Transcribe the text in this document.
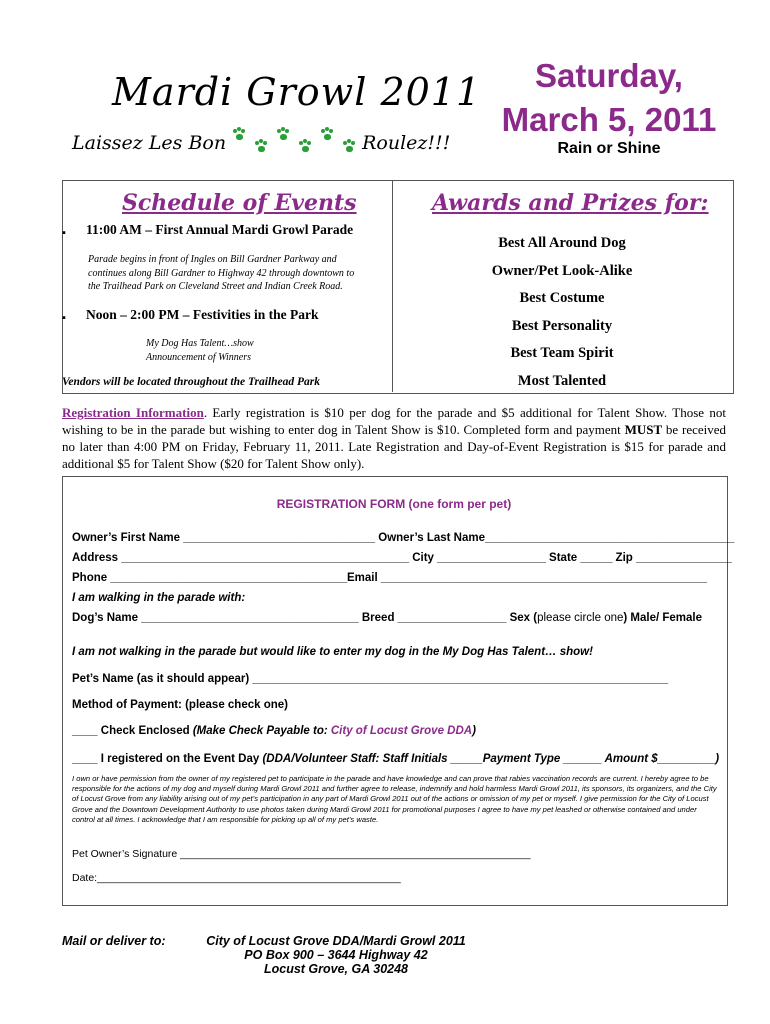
Mardi Growl 2011
Laissez Les Bon	Roulez!!!
Saturday,
March 5, 2011
Rain or Shine
Schedule of Events	Awards and Prizes for:
▪ 11:00 AM – First Annual Mardi Growl Parade
Parade begins in front of Ingles on Bill Gardner Parkway and
continues along Bill Gardner to Highway 42 through downtown to
the Trailhead Park on Cleveland Street and Indian Creek Road.
▪ Noon – 2:00 PM – Festivities in the Park
My Dog Has Talent…show
Announcement of Winners
Vendors will be located throughout the Trailhead Park
Best All Around Dog
Owner/Pet Look-Alike
Best Costume
Best Personality
Best Team Spirit
Most Talented
Registration Information. Early registration is $10 per dog for the parade and $5 additional for Talent Show. Those not wishing to be in the parade but wishing to enter dog in Talent Show is $10. Completed form and payment MUST be received no later than 4:00 PM on Friday, February 11, 2011. Late Registration and Day-of-Event Registration is $15 for parade and additional $5 for Talent Show ($20 for Talent Show only).
REGISTRATION FORM (one form per pet)
Owner’s First Name ______________________________ Owner’s Last Name_______________________________________
Address _____________________________________________ City _________________ State _____ Zip _______________
Phone _____________________________________Email ___________________________________________________
I am walking in the parade with:
Dog’s Name __________________________________ Breed _________________ Sex (please circle one) Male/ Female
I am not walking in the parade but would like to enter my dog in the My Dog Has Talent… show!
Pet’s Name (as it should appear) _________________________________________________________________
Method of Payment: (please check one)
____ Check Enclosed (Make Check Payable to: City of Locust Grove DDA)
____ I registered on the Event Day (DDA/Volunteer Staff: Staff Initials _____Payment Type ______ Amount $_________)
I own or have permission from the owner of my registered pet to participate in the parade and have knowledge and can prove that rabies vaccination records are current. I hereby agree to be responsible for the actions of my dog and myself during Mardi Growl 2011 and further agree to release, indemnify and hold harmless Mardi Growl 2011, its sponsors, its organizers, and the City of Locust Grove from any liability arising out of my pet’s participation in any part of Mardi Growl 2011 out of the actions or omission of my pet or myself. I give permission for the City of Locust Grove and the Downtown Development Authority to use photos taken during Mardi Growl 2011 for promotional purposes I agree to have my pet leashed or otherwise contained and under control at all times. I acknowledge that I am responsible for picking up all of my pet’s waste.
Pet Owner’s Signature ____________________________________________________________
Date:____________________________________________________
Mail or deliver to:	City of Locust Grove DDA/Mardi Growl 2011
PO Box 900 – 3644 Highway 42
Locust Grove, GA 30248
